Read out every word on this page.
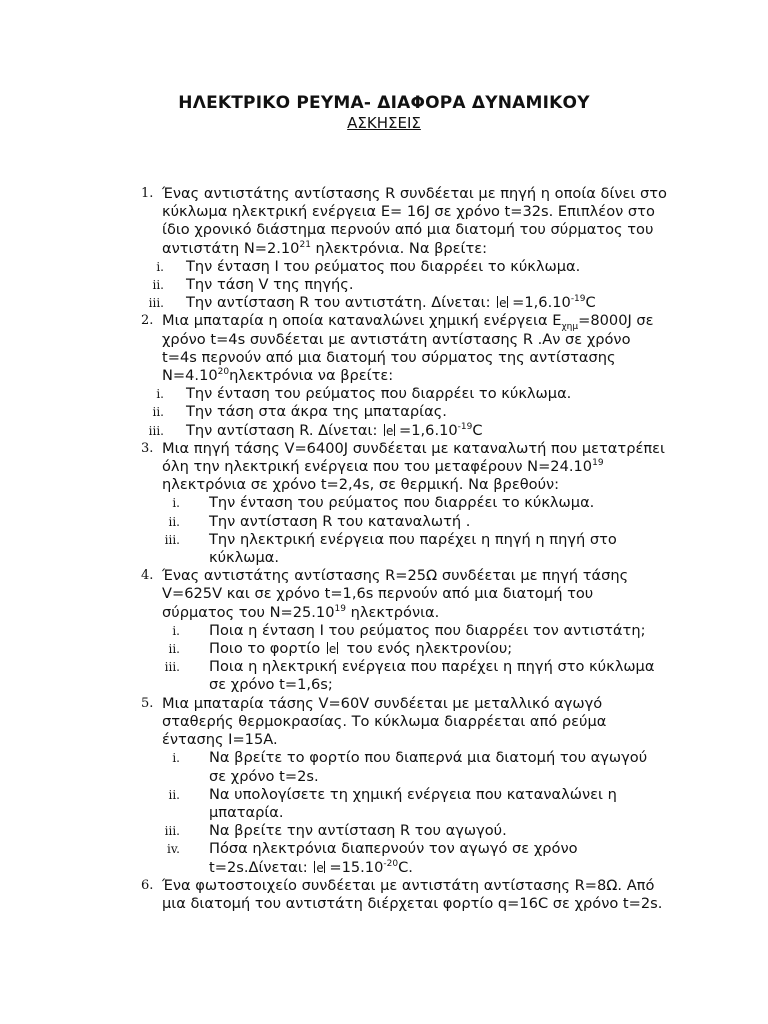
ΗΛΕΚΤΡΙΚΟ ΡΕΥΜΑ- ΔΙΑΦΟΡΑ ΔΥΝΑΜΙΚΟΥ
ΑΣΚΗΣΕΙΣ
1. Ένας αντιστάτης αντίστασης R συνδέεται με πηγή η οποία δίνει στο κύκλωμα ηλεκτρική ενέργεια E= 16J σε χρόνο t=32s. Επιπλέον στο ίδιο χρονικό διάστημα περνούν από μια διατομή του σύρματος του αντιστάτη $N=2.10^{21}$ ηλεκτρόνια. Να βρείτε:
i. Την ένταση I του ρεύματος που διαρρέει το κύκλωμα.
ii. Την τάση V της πηγής.
iii. Την αντίσταση R του αντιστάτη. Δίνεται: $e =1,6.10^{-19}C$
2. Μια μπαταρία η οποία καταναλώνει χημική ενέργεια $E_{\chi\eta\mu}=8000J$ σε χρόνο t=4s συνδέεται με αντιστάτη αντίστασης R .Αν σε χρόνο t=4s περνούν από μια διατομή του σύρματος της αντίστασης $N=4.10^{20}\eta\lambda\varepsilon\kappa\tau\rho ό\nu\iota\alpha$ να βρείτε:
i. Την ένταση του ρεύματος που διαρρέει το κύκλωμα.
ii. Την τάση στα άκρα της μπαταρίας.
iii. Την αντίσταση R. Δίνεται: $e =1,6.10^{-19}C$
3. Μια πηγή τάσης V=6400J συνδέεται με καταναλωτή που μετατρέπει όλη την ηλεκτρική ενέργεια που του μεταφέρουν $N=24.10^{19}$ ηλεκτρόνια σε χρόνο t=2,4s, σε θερμική. Να βρεθούν:
i. Την ένταση του ρεύματος που διαρρέει το κύκλωμα.
ii. Την αντίσταση R του καταναλωτή .
iii. Την ηλεκτρική ενέργεια που παρέχει η πηγή η πηγή στο κύκλωμα.
4. Ένας αντιστάτης αντίστασης R=25Ω συνδέεται με πηγή τάσης V=625V και σε χρόνο t=1,6s περνούν από μια διατομή του σύρματος του $N=25.10^{19}$ ηλεκτρόνια.
i. Ποια η ένταση I του ρεύματος που διαρρέει τον αντιστάτη;
ii. Ποιο το φορτίο e του ενός ηλεκτρονίου;
iii. Ποια η ηλεκτρική ενέργεια που παρέχει η πηγή στο κύκλωμα σε χρόνο t=1,6s;
5. Μια μπαταρία τάσης V=60V συνδέεται με μεταλλικό αγωγό σταθερής θερμοκρασίας. Το κύκλωμα διαρρέεται από ρεύμα έντασης I=15A.
i. Να βρείτε το φορτίο που διαπερνά μια διατομή του αγωγού σε χρόνο t=2s.
ii. Να υπολογίσετε τη χημική ενέργεια που καταναλώνει η μπαταρία.
iii. Να βρείτε την αντίσταση R του αγωγού.
iv. Πόσα ηλεκτρόνια διαπερνούν τον αγωγό σε χρόνο t=2s.Δίνεται: $e =15.10^{-20}C$.
6. Ένα φωτοστοιχείο συνδέεται με αντιστάτη αντίστασης R=8Ω. Από μια διατομή του αντιστάτη διέρχεται φορτίο q=16C σε χρόνο t=2s.
